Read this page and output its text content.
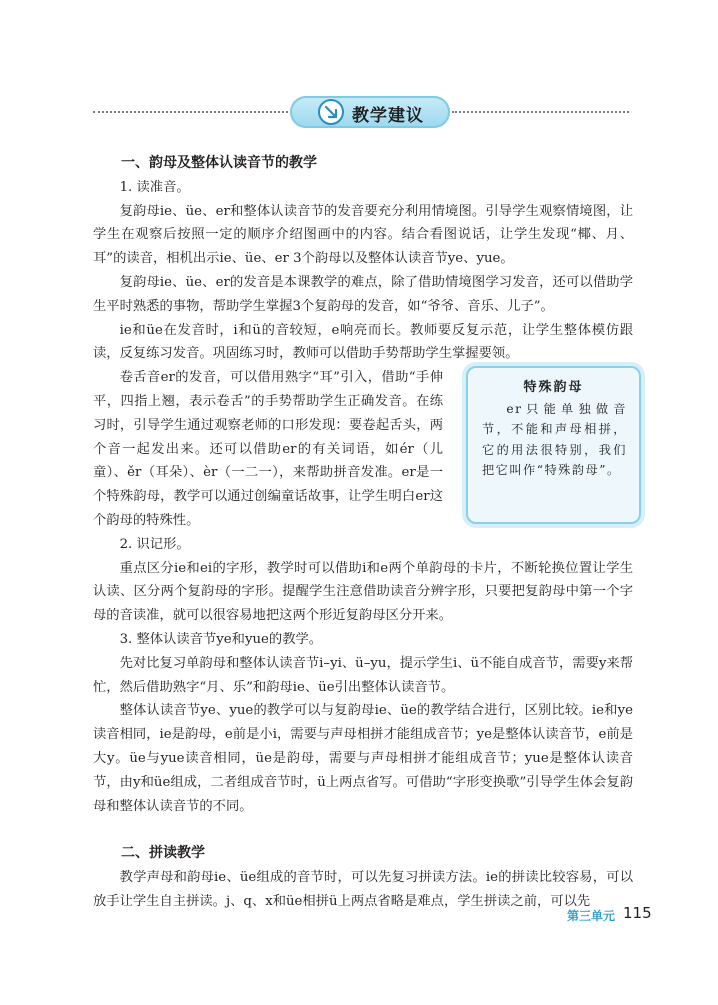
教学建议
一、韵母及整体认读音节的教学

1. 读准音。

复韵母ie、üe、er和整体认读音节的发音要充分利用情境图。引导学生观察情境图，让学生在观察后按照一定的顺序介绍图画中的内容。结合看图说话，让学生发现“椰、月、耳”的读音，相机出示ie、üe、er 3个韵母以及整体认读音节ye、yue。

复韵母ie、üe、er的发音是本课教学的难点，除了借助情境图学习发音，还可以借助学生平时熟悉的事物，帮助学生掌握3个复韵母的发音，如“爷爷、音乐、儿子”。

ie和üe在发音时，i和ü的音较短，e响亮而长。教师要反复示范，让学生整体模仿跟读，反复练习发音。巩固练习时，教师可以借助手势帮助学生掌握要领。

卷舌音er的发音，可以借用熟字“耳”引入，借助“手伸平，四指上翘，表示卷舌”的手势帮助学生正确发音。在练习时，引导学生通过观察老师的口形发现：要卷起舌头，两个音一起发出来。还可以借助er的有关词语，如ér（儿童）、ěr（耳朵）、èr（一二一），来帮助拼音发准。er是一个特殊韵母，教学可以通过创编童话故事，让学生明白er这个韵母的特殊性。

2. 识记形。

重点区分ie和ei的字形，教学时可以借助i和e两个单韵母的卡片，不断轮换位置让学生认读、区分两个复韵母的字形。提醒学生注意借助读音分辨字形，只要把复韵母中第一个字母的音读准，就可以很容易地把这两个形近复韵母区分开来。

3. 整体认读音节ye和yue的教学。

先对比复习单韵母和整体认读音节i–yi、ü–yu，提示学生i、ü不能自成音节，需要y来帮忙，然后借助熟字“月、乐”和韵母ie、üe引出整体认读音节。

整体认读音节ye、yue的教学可以与复韵母ie、üe的教学结合进行，区别比较。ie和ye读音相同，ie是韵母，e前是小i，需要与声母相拼才能组成音节；ye是整体认读音节，e前是大y。üe与yue读音相同，üe是韵母，需要与声母相拼才能组成音节；yue是整体认读音节，由y和üe组成，二者组成音节时，ü上两点省写。可借助“字形变换歌”引导学生体会复韵母和整体认读音节的不同。

二、拼读教学

教学声母和韵母ie、üe组成的音节时，可以先复习拼读方法。ie的拼读比较容易，可以放手让学生自主拼读。j、q、x和üe相拼ü上两点省略是难点，学生拼读之前，可以先

特殊韵母
er只能单独做音节，不能和声母相拼，它的用法很特别，我们把它叫作“特殊韵母”。
第三单元 115
